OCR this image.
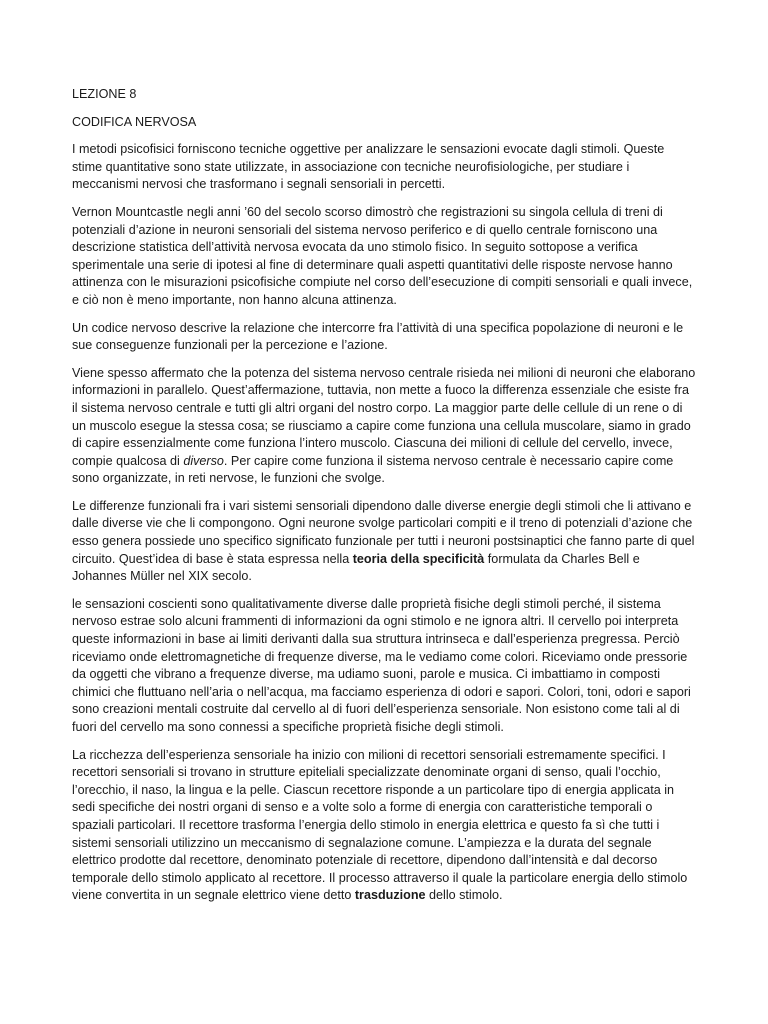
LEZIONE 8

CODIFICA NERVOSA

I metodi psicofisici forniscono tecniche oggettive per analizzare le sensazioni evocate dagli stimoli. Queste stime quantitative sono state utilizzate, in associazione con tecniche neurofisiologiche, per studiare i meccanismi nervosi che trasformano i segnali sensoriali in percetti.

Vernon Mountcastle negli anni ’60 del secolo scorso dimostrò che registrazioni su singola cellula di treni di potenziali d’azione in neuroni sensoriali del sistema nervoso periferico e di quello centrale forniscono una descrizione statistica dell’attività nervosa evocata da uno stimolo fisico. In seguito sottopose a verifica sperimentale una serie di ipotesi al fine di determinare quali aspetti quantitativi delle risposte nervose hanno attinenza con le misurazioni psicofisiche compiute nel corso dell’esecuzione di compiti sensoriali e quali invece, e ciò non è meno importante, non hanno alcuna attinenza.

Un codice nervoso descrive la relazione che intercorre fra l’attività di una specifica popolazione di neuroni e le sue conseguenze funzionali per la percezione e l’azione.

Viene spesso affermato che la potenza del sistema nervoso centrale risieda nei milioni di neuroni che elaborano informazioni in parallelo. Quest’affermazione, tuttavia, non mette a fuoco la differenza essenziale che esiste fra il sistema nervoso centrale e tutti gli altri organi del nostro corpo. La maggior parte delle cellule di un rene o di un muscolo esegue la stessa cosa; se riusciamo a capire come funziona una cellula muscolare, siamo in grado di capire essenzialmente come funziona l’intero muscolo. Ciascuna dei milioni di cellule del cervello, invece, compie qualcosa di diverso. Per capire come funziona il sistema nervoso centrale è necessario capire come sono organizzate, in reti nervose, le funzioni che svolge.

Le differenze funzionali fra i vari sistemi sensoriali dipendono dalle diverse energie degli stimoli che li attivano e dalle diverse vie che li compongono. Ogni neurone svolge particolari compiti e il treno di potenziali d’azione che esso genera possiede uno specifico significato funzionale per tutti i neuroni postsinaptici che fanno parte di quel circuito. Quest’idea di base è stata espressa nella teoria della specificità formulata da Charles Bell e Johannes Müller nel XIX secolo.

le sensazioni coscienti sono qualitativamente diverse dalle proprietà fisiche degli stimoli perché, il sistema nervoso estrae solo alcuni frammenti di informazioni da ogni stimolo e ne ignora altri. Il cervello poi interpreta queste informazioni in base ai limiti derivanti dalla sua struttura intrinseca e dall’esperienza pregressa. Perciò riceviamo onde elettromagnetiche di frequenze diverse, ma le vediamo come colori. Riceviamo onde pressorie da oggetti che vibrano a frequenze diverse, ma udiamo suoni, parole e musica. Ci imbattiamo in composti chimici che fluttuano nell’aria o nell’acqua, ma facciamo esperienza di odori e sapori. Colori, toni, odori e sapori sono creazioni mentali costruite dal cervello al di fuori dell’esperienza sensoriale. Non esistono come tali al di fuori del cervello ma sono connessi a specifiche proprietà fisiche degli stimoli.

La ricchezza dell’esperienza sensoriale ha inizio con milioni di recettori sensoriali estremamente specifici. I recettori sensoriali si trovano in strutture epiteliali specializzate denominate organi di senso, quali l’occhio, l’orecchio, il naso, la lingua e la pelle. Ciascun recettore risponde a un particolare tipo di energia applicata in sedi specifiche dei nostri organi di senso e a volte solo a forme di energia con caratteristiche temporali o spaziali particolari. Il recettore trasforma l’energia dello stimolo in energia elettrica e questo fa sì che tutti i sistemi sensoriali utilizzino un meccanismo di segnalazione comune. L’ampiezza e la durata del segnale elettrico prodotte dal recettore, denominato potenziale di recettore, dipendono dall’intensità e dal decorso temporale dello stimolo applicato al recettore. Il processo attraverso il quale la particolare energia dello stimolo viene convertita in un segnale elettrico viene detto trasduzione dello stimolo.
